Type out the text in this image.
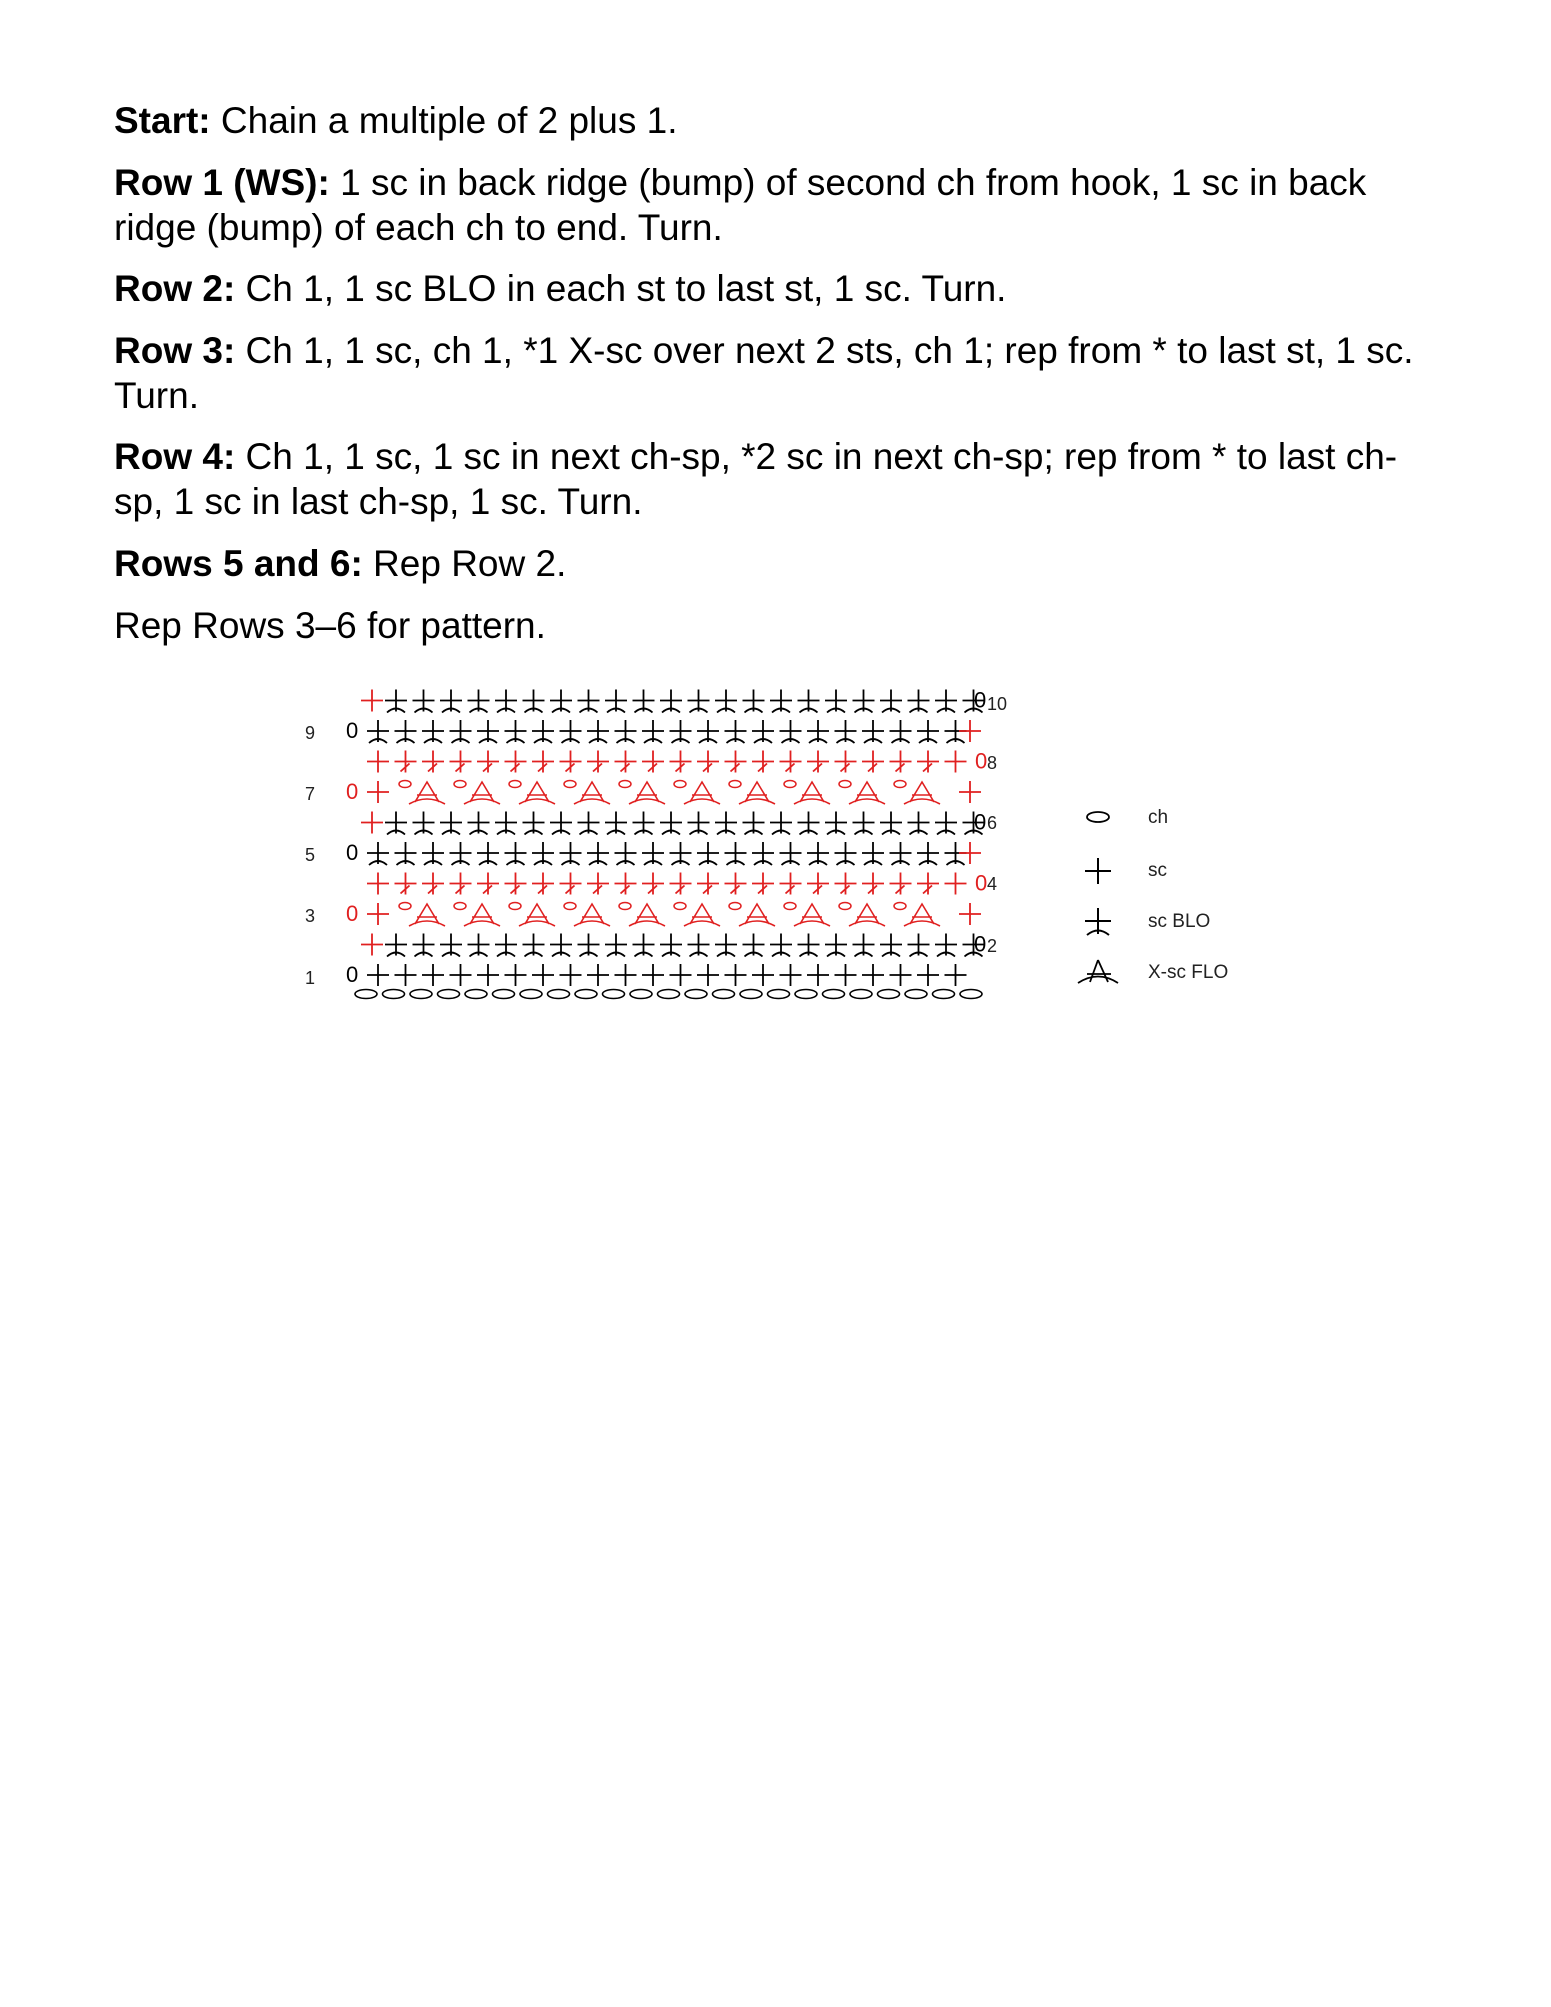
Start: Chain a multiple of 2 plus 1.

Row 1 (WS): 1 sc in back ridge (bump) of second ch from hook, 1 sc in back ridge (bump) of each ch to end. Turn.

Row 2: Ch 1, 1 sc BLO in each st to last st, 1 sc. Turn.

Row 3: Ch 1, 1 sc, ch 1, *1 X-sc over next 2 sts, ch 1; rep from * to last st, 1 sc. Turn.

Row 4: Ch 1, 1 sc, 1 sc in next ch-sp, *2 sc in next ch-sp; rep from * to last ch-sp, 1 sc in last ch-sp, 1 sc. Turn.

Rows 5 and 6: Rep Row 2.

Rep Rows 3–6 for pattern.

0
0
0
0
0
0
0
0
0
0
1
3
5
7
9
2
4
6
8
10
ch
sc
sc BLO
X-sc FLO
